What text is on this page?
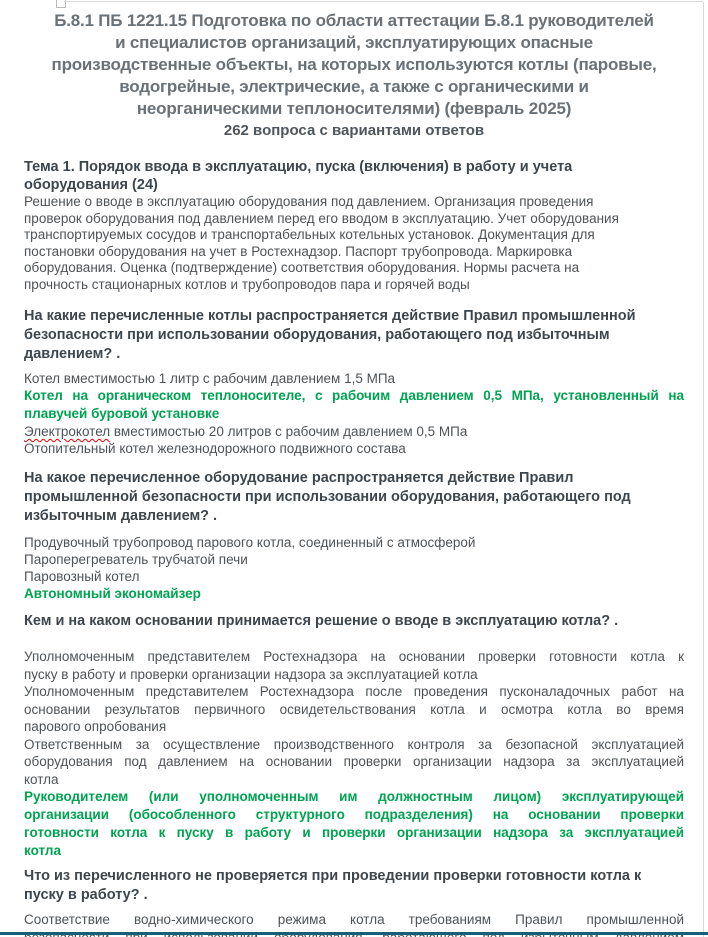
Б.8.1 ПБ 1221.15 Подготовка по области аттестации Б.8.1 руководителей
и специалистов организаций, эксплуатирующих опасные
производственные объекты, на которых используются котлы (паровые,
водогрейные, электрические, а также с органическими и
неорганическими теплоносителями) (февраль 2025)
262 вопроса с вариантами ответов
Тема 1. Порядок ввода в эксплуатацию, пуска (включения) в работу и учета
оборудования (24)
Решение о вводе в эксплуатацию оборудования под давлением. Организация проведения
проверок оборудования под давлением перед его вводом в эксплуатацию. Учет оборудования
транспортируемых сосудов и транспортабельных котельных установок. Документация для
постановки оборудования на учет в Ростехнадзор. Паспорт трубопровода. Маркировка
оборудования. Оценка (подтверждение) соответствия оборудования. Нормы расчета на
прочность стационарных котлов и трубопроводов пара и горячей воды
На какие перечисленные котлы распространяется действие Правил промышленной
безопасности при использовании оборудования, работающего под избыточным
давлением? .
Котел вместимостью 1 литр с рабочим давлением 1,5 МПа
Котел на органическом теплоносителе, с рабочим давлением 0,5 МПа, установленный на
плавучей буровой установке
Электрокотел вместимостью 20 литров с рабочим давлением 0,5 МПа
Отопительный котел железнодорожного подвижного состава
На какое перечисленное оборудование распространяется действие Правил
промышленной безопасности при использовании оборудования, работающего под
избыточным давлением? .
Продувочный трубопровод парового котла, соединенный с атмосферой
Пароперегреватель трубчатой печи
Паровозный котел
Автономный экономайзер
Кем и на каком основании принимается решение о вводе в эксплуатацию котла? .
Уполномоченным представителем Ростехнадзора на основании проверки готовности котла к
пуску в работу и проверки организации надзора за эксплуатацией котла
Уполномоченным представителем Ростехнадзора после проведения пусконаладочных работ на
основании результатов первичного освидетельствования котла и осмотра котла во время
парового опробования
Ответственным за осуществление производственного контроля за безопасной эксплуатацией
оборудования под давлением на основании проверки организации надзора за эксплуатацией
котла
Руководителем (или уполномоченным им должностным лицом) эксплуатирующей
организации (обособленного структурного подразделения) на основании проверки
готовности котла к пуску в работу и проверки организации надзора за эксплуатацией
котла
Что из перечисленного не проверяется при проведении проверки готовности котла к
пуску в работу? .
Соответствие водно-химического режима котла требованиям Правил промышленной
